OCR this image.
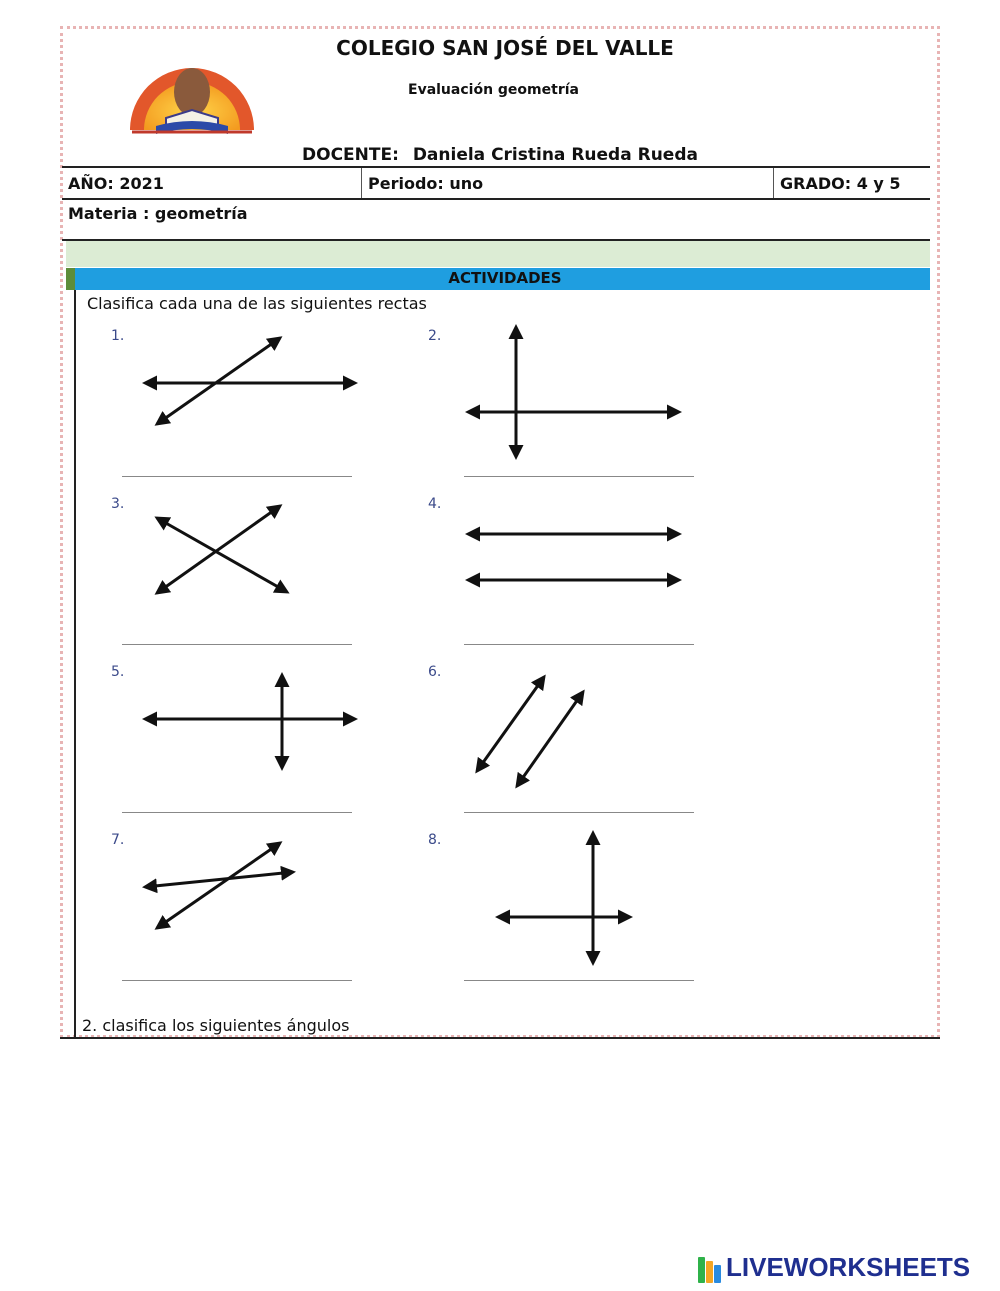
COLEGIO SAN JOSÉ DEL VALLE
Evaluación geometría
DOCENTE: Daniela Cristina Rueda Rueda
AÑO: 2021	Periodo: uno	GRADO: 4 y 5
Materia : geometría
ACTIVIDADES
Clasifica cada una de las siguientes rectas
1.	2.
3.	4.
5.	6.
7.	8.
2. clasifica los siguientes ángulos
LIVEWORKSHEETS
